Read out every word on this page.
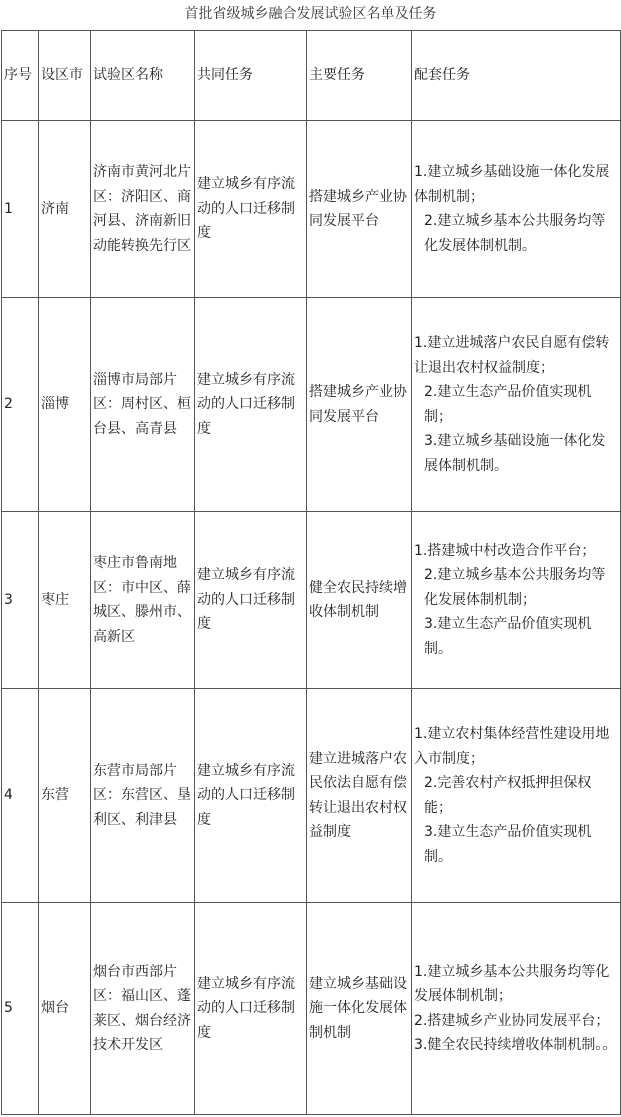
首批省级城乡融合发展试验区名单及任务
序号	设区市	试验区名称	共同任务	主要任务	配套任务
1	济南	济南市黄河北片区：济阳区、商河县、济南新旧动能转换先行区	建立城乡有序流动的人口迁移制度	搭建城乡产业协同发展平台	1.建立城乡基础设施一体化发展体制机制；
2.建立城乡基本公共服务均等化发展体制机制。

2	淄博	淄博市局部片区：周村区、桓台县、高青县	建立城乡有序流动的人口迁移制度	搭建城乡产业协同发展平台	1.建立进城落户农民自愿有偿转让退出农村权益制度；
2.建立生态产品价值实现机制；
3.建立城乡基础设施一体化发展体制机制。

3	枣庄	枣庄市鲁南地区：市中区、薛城区、滕州市、高新区	建立城乡有序流动的人口迁移制度	健全农民持续增收体制机制	1.搭建城中村改造合作平台；
2.建立城乡基本公共服务均等化发展体制机制；
3.建立生态产品价值实现机制。

4	东营	东营市局部片区：东营区、垦利区、利津县	建立城乡有序流动的人口迁移制度	建立进城落户农民依法自愿有偿转让退出农村权益制度	1.建立农村集体经营性建设用地入市制度；
2.完善农村产权抵押担保权能；
3.建立生态产品价值实现机制。

5	烟台	烟台市西部片区：福山区、蓬莱区、烟台经济技术开发区	建立城乡有序流动的人口迁移制度	建立城乡基础设施一体化发展体制机制	1.建立城乡基本公共服务均等化发展体制机制；
2.搭建城乡产业协同发展平台；
3.健全农民持续增收体制机制。。
